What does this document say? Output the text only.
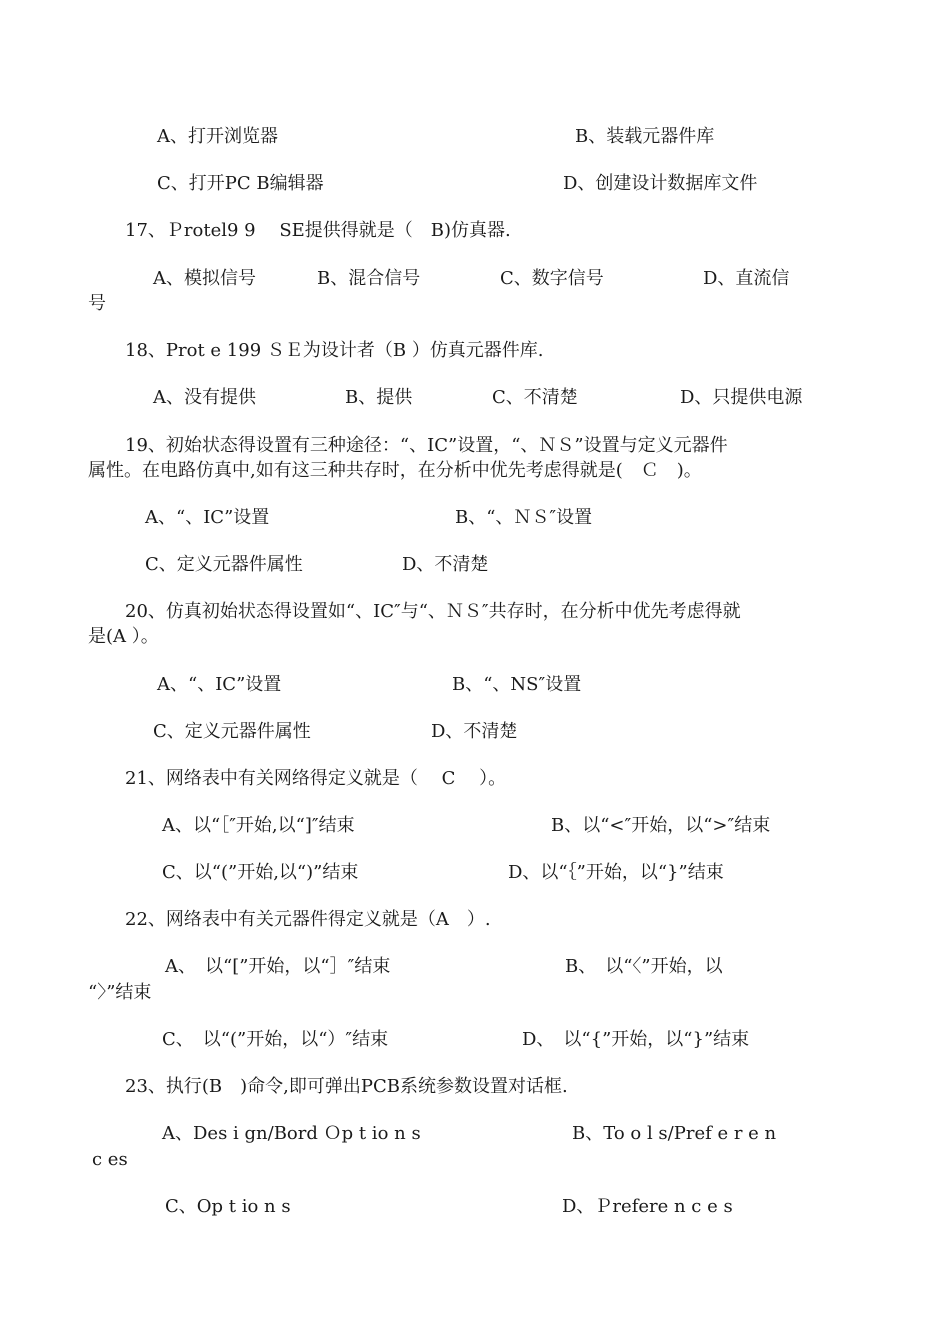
A、打开浏览器	B、装载元器件库
C、打开PC B编辑器	D、创建设计数据库文件
17、Ｐrotel9 9　 SE提供得就是（　B)仿真器.
A、模拟信号	B、混合信号	C、数字信号	D、直流信
号
18、Prot e 199 ＳＥ为设计者（B ）仿真元器件库.
A、没有提供	B、提供	C、不清楚	D、只提供电源
19、初始状态得设置有三种途径：“、IC”设置，“、ＮＳ”设置与定义元器件
属性。在电路仿真中,如有这三种共存时，在分析中优先考虑得就是(　Ｃ　)。
A、“、IC”设置	B、“、ＮＳ″设置
C、定义元器件属性	D、不清楚
20、仿真初始状态得设置如“、IC″与“、ＮＳ″共存时，在分析中优先考虑得就
是(A ）。
A、“、IC”设置	B、“、NS″设置
C、定义元器件属性	D、不清楚
21、网络表中有关网络得定义就是（　 C　 ）。
A、以“［″开始,以“]″结束	B、以“<″开始，以“>″结束
C、以“(”开始,以“)”结束	D、以“｛”开始，以“}”结束
22、网络表中有关元器件得定义就是（A　）.
A、　以“[”开始，以“］″结束	B、　以“〈”开始，以
“〉”结束
C、　以“(”开始，以“）″结束	D、　以“{”开始，以“}”结束
23、执行(B　)命令,即可弹出PCB系统参数设置对话框.
A、Des i gn/Bord Ｏp t io n s	B、To o l s/Pref e r e n
c es
C、Op t io n s	D、Ｐrefere n c e s
